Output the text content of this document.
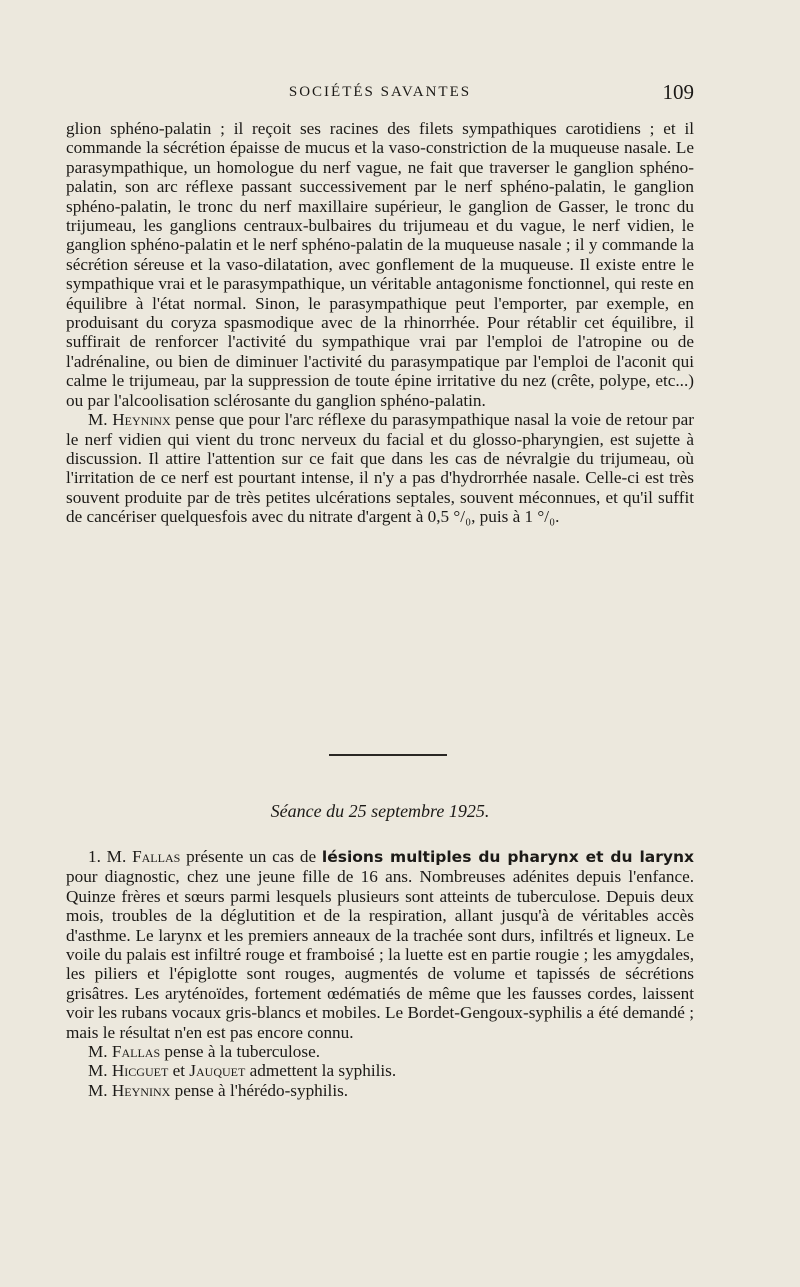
SOCIÉTÉS SAVANTES	109

glion sphéno-palatin ; il reçoit ses racines des filets sympathiques carotidiens ; et il commande la sécrétion épaisse de mucus et la vaso-constriction de la muqueuse nasale. Le parasympathique, un homologue du nerf vague, ne fait que traverser le ganglion sphéno-palatin, son arc réflexe passant successivement par le nerf sphéno-palatin, le ganglion sphéno-palatin, le tronc du nerf maxillaire supérieur, le ganglion de Gasser, le tronc du trijumeau, les ganglions centraux-bulbaires du trijumeau et du vague, le nerf vidien, le ganglion sphéno-palatin et le nerf sphéno-palatin de la muqueuse nasale ; il y commande la sécrétion séreuse et la vaso-dilatation, avec gonflement de la muqueuse. Il existe entre le sympathique vrai et le parasympathique, un véritable antagonisme fonctionnel, qui reste en équilibre à l'état normal. Sinon, le parasympathique peut l'emporter, par exemple, en produisant du coryza spasmodique avec de la rhinorrhée. Pour rétablir cet équilibre, il suffirait de renforcer l'activité du sympathique vrai par l'emploi de l'atropine ou de l'adrénaline, ou bien de diminuer l'activité du parasympatique par l'emploi de l'aconit qui calme le trijumeau, par la suppression de toute épine irritative du nez (crête, polype, etc...) ou par l'alcoolisation sclérosante du ganglion sphéno-palatin.

M. Heyninx pense que pour l'arc réflexe du parasympathique nasal la voie de retour par le nerf vidien qui vient du tronc nerveux du facial et du glosso-pharyngien, est sujette à discussion. Il attire l'attention sur ce fait que dans les cas de névralgie du trijumeau, où l'irritation de ce nerf est pourtant intense, il n'y a pas d'hydrorrhée nasale. Celle-ci est très souvent produite par de très petites ulcérations septales, souvent méconnues, et qu'il suffit de cancériser quelquesfois avec du nitrate d'argent à 0,5 °/₀, puis à 1 °/₀.

Séance du 25 septembre 1925.

1. M. Fallas présente un cas de lésions multiples du pharynx et du larynx pour diagnostic, chez une jeune fille de 16 ans. Nombreuses adénites depuis l'enfance. Quinze frères et sœurs parmi lesquels plusieurs sont atteints de tuberculose. Depuis deux mois, troubles de la déglutition et de la respiration, allant jusqu'à de véritables accès d'asthme. Le larynx et les premiers anneaux de la trachée sont durs, infiltrés et ligneux. Le voile du palais est infiltré rouge et framboisé ; la luette est en partie rougie ; les amygdales, les piliers et l'épiglotte sont rouges, augmentés de volume et tapissés de sécrétions grisâtres. Les aryténoïdes, fortement œdématiés de même que les fausses cordes, laissent voir les rubans vocaux gris-blancs et mobiles. Le Bordet-Gengoux-syphilis a été demandé ; mais le résultat n'en est pas encore connu.

M. Fallas pense à la tuberculose.

M. Hicguet et Jauquet admettent la syphilis.

M. Heyninx pense à l'hérédo-syphilis.
